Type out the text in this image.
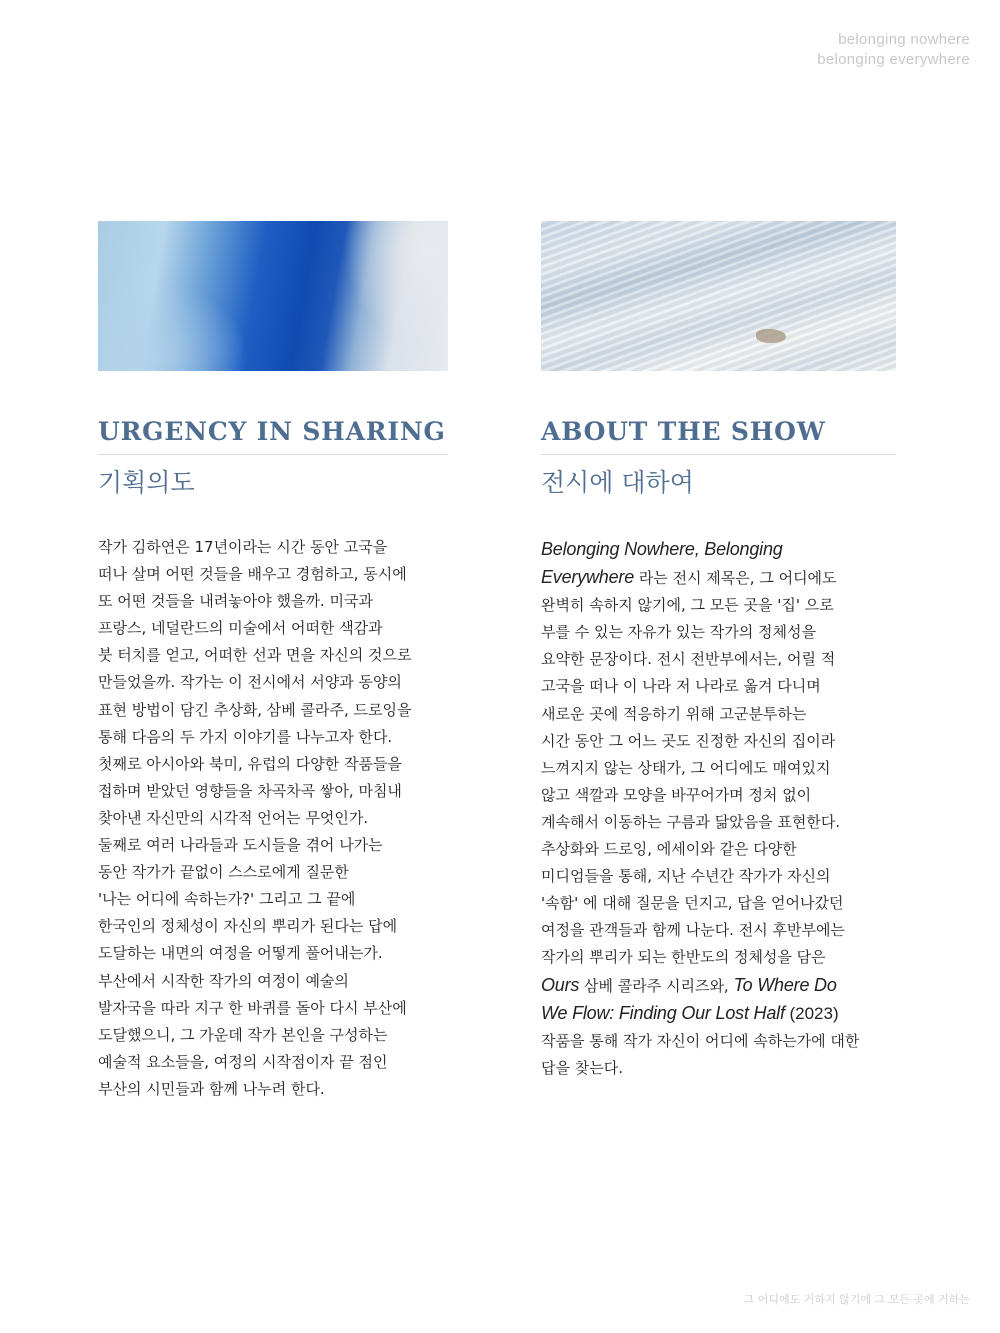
belonging nowhere
belonging everywhere
URGENCY IN SHARING
기획의도
작가 김하연은 17년이라는 시간 동안 고국을
떠나 살며 어떤 것들을 배우고 경험하고, 동시에
또 어떤 것들을 내려놓아야 했을까. 미국과
프랑스, 네덜란드의 미술에서 어떠한 색감과
붓 터치를 얻고, 어떠한 선과 면을 자신의 것으로
만들었을까. 작가는 이 전시에서 서양과 동양의
표현 방법이 담긴 추상화, 삼베 콜라주, 드로잉을
통해 다음의 두 가지 이야기를 나누고자 한다.
첫째로 아시아와 북미, 유럽의 다양한 작품들을
접하며 받았던 영향들을 차곡차곡 쌓아, 마침내
찾아낸 자신만의 시각적 언어는 무엇인가.
둘째로 여러 나라들과 도시들을 겪어 나가는
동안 작가가 끝없이 스스로에게 질문한
'나는 어디에 속하는가?' 그리고 그 끝에
한국인의 정체성이 자신의 뿌리가 된다는 답에
도달하는 내면의 여정을 어떻게 풀어내는가.
부산에서 시작한 작가의 여정이 예술의
발자국을 따라 지구 한 바퀴를 돌아 다시 부산에
도달했으니, 그 가운데 작가 본인을 구성하는
예술적 요소들을, 여정의 시작점이자 끝 점인
부산의 시민들과 함께 나누려 한다.
ABOUT THE SHOW
전시에 대하여
Belonging Nowhere, Belonging
Everywhere 라는 전시 제목은, 그 어디에도
완벽히 속하지 않기에, 그 모든 곳을 '집' 으로
부를 수 있는 자유가 있는 작가의 정체성을
요약한 문장이다. 전시 전반부에서는, 어릴 적
고국을 떠나 이 나라 저 나라로 옮겨 다니며
새로운 곳에 적응하기 위해 고군분투하는
시간 동안 그 어느 곳도 진정한 자신의 집이라
느껴지지 않는 상태가, 그 어디에도 매여있지
않고 색깔과 모양을 바꾸어가며 정처 없이
계속해서 이동하는 구름과 닮았음을 표현한다.
추상화와 드로잉, 에세이와 같은 다양한
미디엄들을 통해, 지난 수년간 작가가 자신의
'속함' 에 대해 질문을 던지고, 답을 얻어나갔던
여정을 관객들과 함께 나눈다. 전시 후반부에는
작가의 뿌리가 되는 한반도의 정체성을 담은
Ours 삼베 콜라주 시리즈와, To Where Do
We Flow: Finding Our Lost Half (2023)
작품을 통해 작가 자신이 어디에 속하는가에 대한
답을 찾는다.
그 어디에도 거하지 않기에 그 모든 곳에 거하는
